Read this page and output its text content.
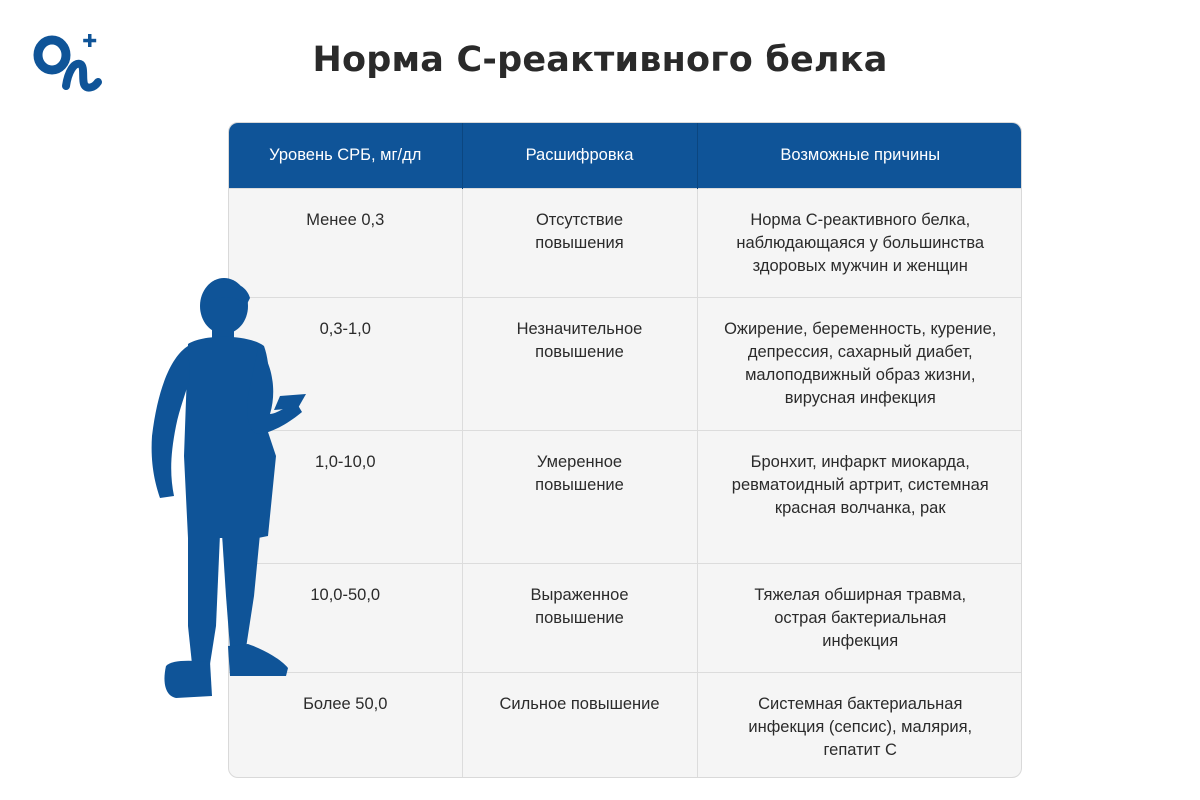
Норма С-реактивного белка
Уровень СРБ, мг/дл	Расшифровка	Возможные причины
Менее 0,3	Отсутствие повышения	Норма С-реактивного белка, наблюдающаяся у большинства здоровых мужчин и женщин
0,3-1,0	Незначительное повышение	Ожирение, беременность, курение, депрессия, сахарный диабет, малоподвижный образ жизни, вирусная инфекция
1,0-10,0	Умеренное повышение	Бронхит, инфаркт миокарда, ревматоидный артрит, системная красная волчанка, рак
10,0-50,0	Выраженное повышение	Тяжелая обширная травма, острая бактериальная инфекция
Более 50,0	Сильное повышение	Системная бактериальная инфекция (сепсис), малярия, гепатит С
